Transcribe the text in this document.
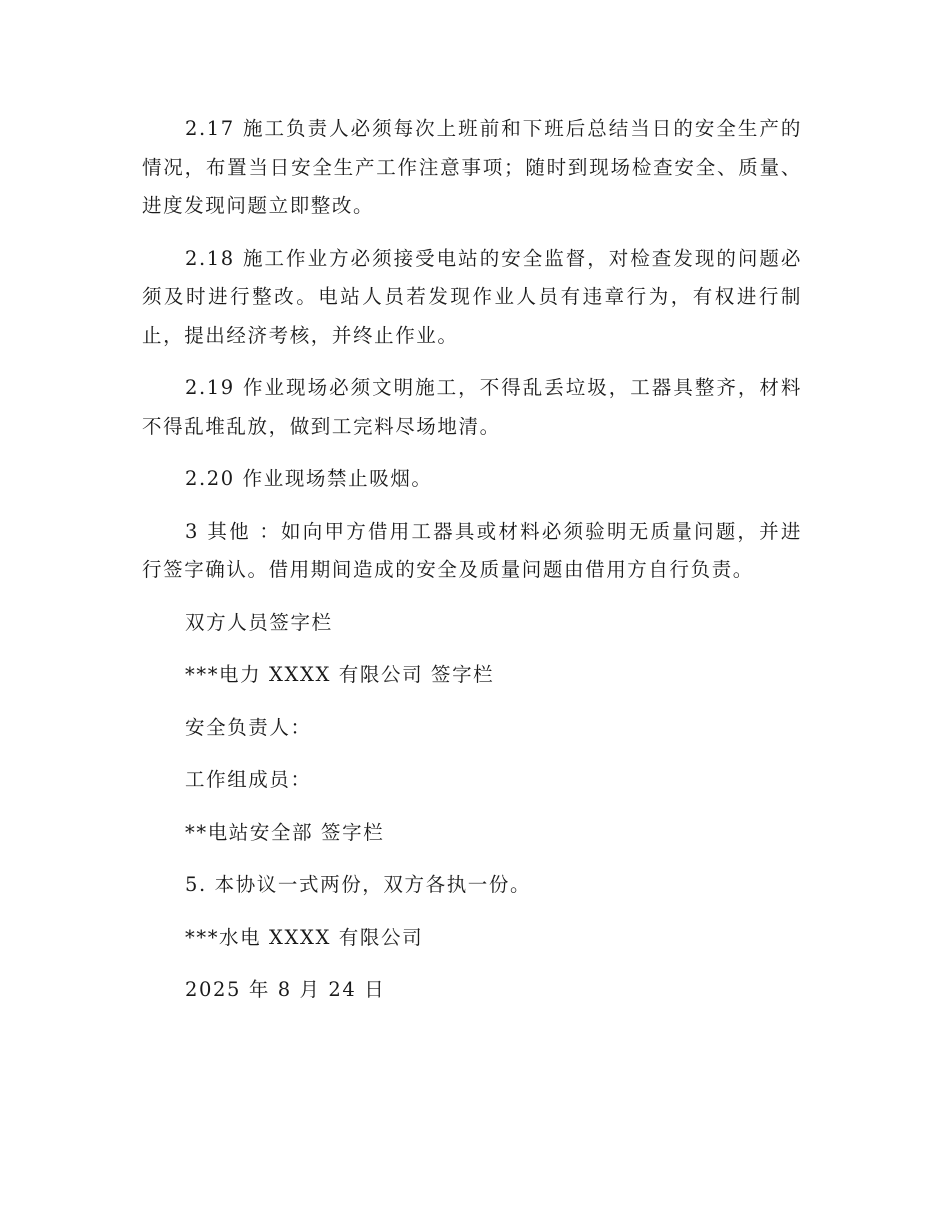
2.17 施工负责人必须每次上班前和下班后总结当日的安全生产的情况，布置当日安全生产工作注意事项；随时到现场检查安全、质量、进度发现问题立即整改。

2.18 施工作业方必须接受电站的安全监督，对检查发现的问题必须及时进行整改。电站人员若发现作业人员有违章行为，有权进行制止，提出经济考核，并终止作业。

2.19 作业现场必须文明施工，不得乱丢垃圾，工器具整齐，材料不得乱堆乱放，做到工完料尽场地清。

2.20 作业现场禁止吸烟。

3 其他 ：如向甲方借用工器具或材料必须验明无质量问题，并进行签字确认。借用期间造成的安全及质量问题由借用方自行负责。

双方人员签字栏

***电力 XXXX 有限公司 签字栏

安全负责人：

工作组成员：

**电站安全部 签字栏

5. 本协议一式两份，双方各执一份。

***水电 XXXX 有限公司

2025 年 8 月 24 日
